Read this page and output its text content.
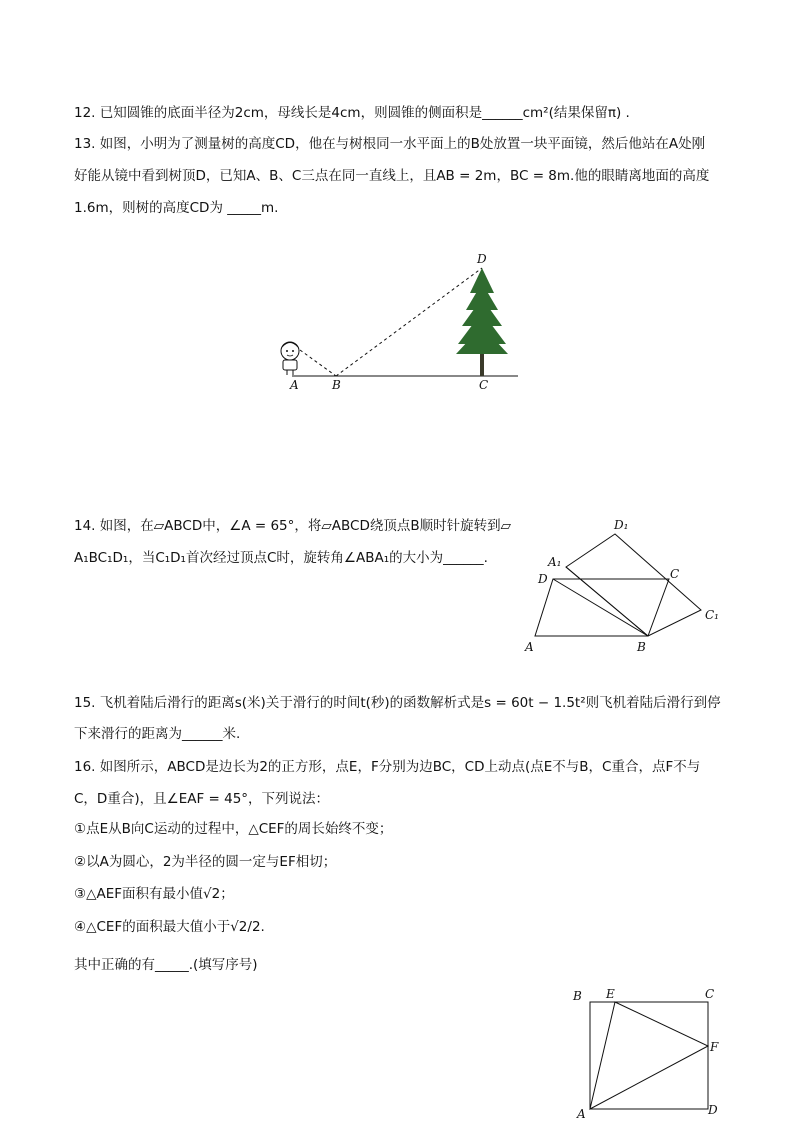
12. 已知圆锥的底面半径为2cm，母线长是4cm，则圆锥的侧面积是______cm²(结果保留π) .
13. 如图，小明为了测量树的高度CD，他在与树根同一水平面上的B处放置一块平面镜，然后他站在A处刚
好能从镜中看到树顶D，已知A、B、C三点在同一直线上，且AB = 2m，BC = 8m.他的眼睛离地面的高度
1.6m，则树的高度CD为 _____m.
A	B	C
D
14. 如图，在▱ABCD中，∠A = 65°，将▱ABCD绕顶点B顺时针旋转到▱
A₁BC₁D₁，当C₁D₁首次经过顶点C时，旋转角∠ABA₁的大小为______.
A	B
C
D
A₁
C₁
D₁
15. 飞机着陆后滑行的距离s(米)关于滑行的时间t(秒)的函数解析式是s = 60t − 1.5t²则飞机着陆后滑行到停
下来滑行的距离为______米.
16. 如图所示，ABCD是边长为2的正方形，点E，F分别为边BC，CD上动点(点E不与B，C重合，点F不与
C，D重合)，且∠EAF = 45°，下列说法：
①点E从B向C运动的过程中，△CEF的周长始终不变；
②以A为圆心，2为半径的圆一定与EF相切；
③△AEF面积有最小值√2；
④△CEF的面积最大值小于√2/2.
其中正确的有_____.(填写序号)
B E	C
F
A	D
